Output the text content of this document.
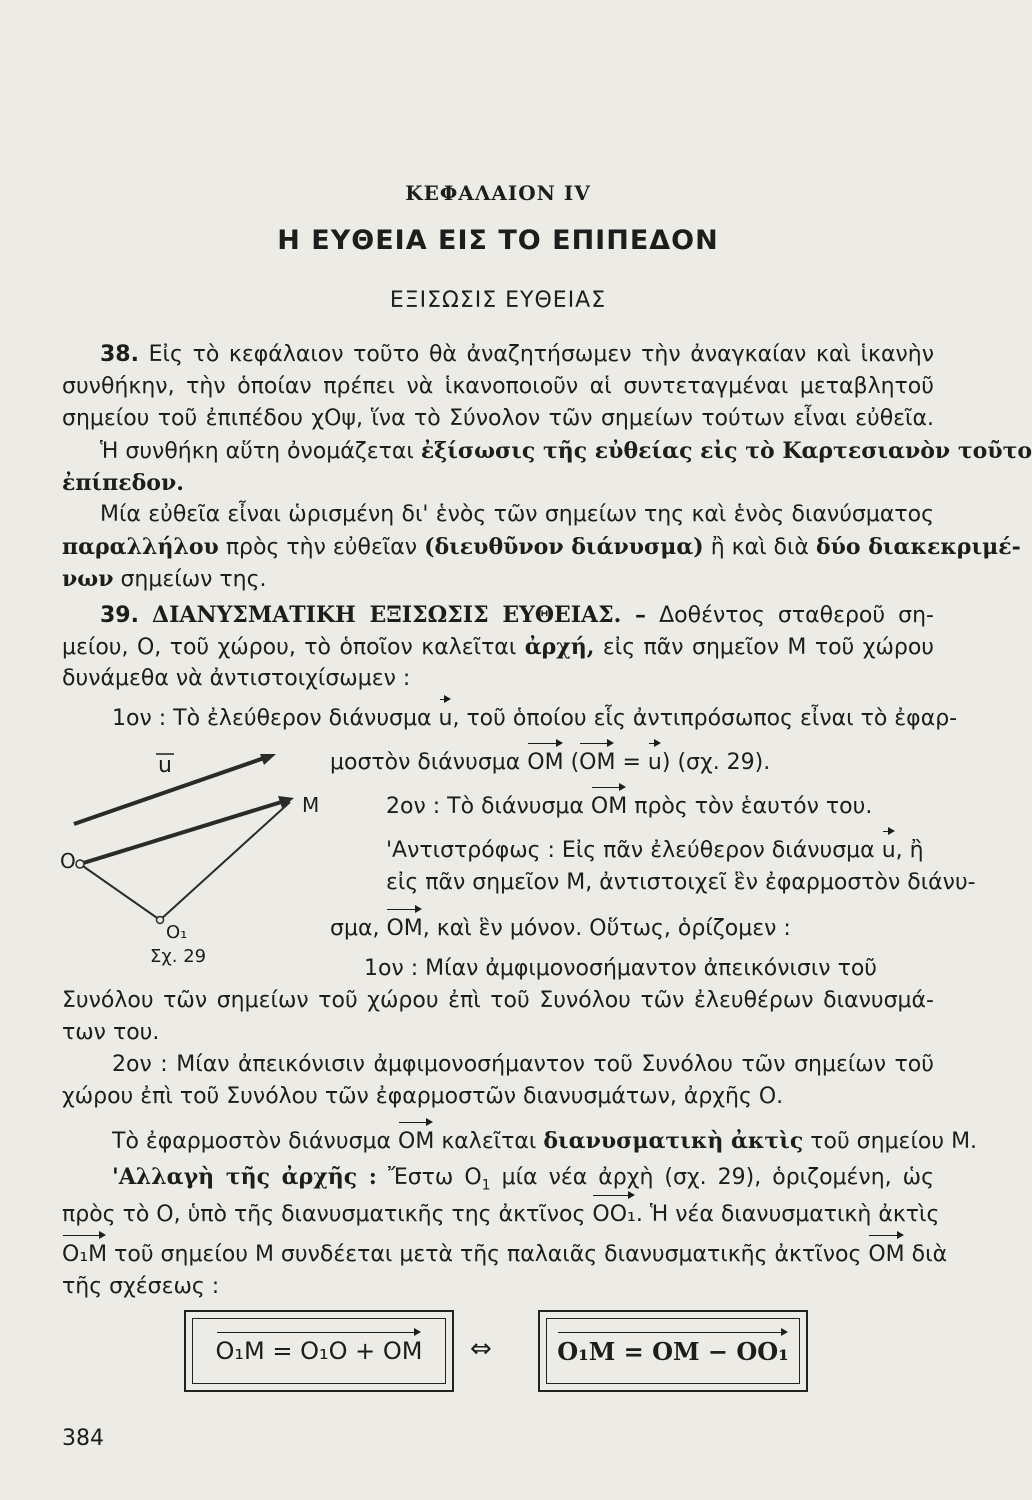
ΚΕΦΑΛΑΙΟΝ ΙV
Η ΕΥΘΕΙΑ ΕΙΣ ΤΟ ΕΠΙΠΕΔΟΝ
ΕΞΙΣΩΣΙΣ ΕΥΘΕΙΑΣ
38. Εἰς τὸ κεφάλαιον τοῦτο θὰ ἀναζητήσωμεν τὴν ἀναγκαίαν καὶ ἱκανὴν
συνθήκην, τὴν ὁποίαν πρέπει νὰ ἱκανοποιοῦν αἱ συντεταγμέναι μεταβλητοῦ
σημείου τοῦ ἐπιπέδου χΟψ, ἵνα τὸ Σύνολον τῶν σημείων τούτων εἶναι εὐθεῖα.
Ἡ συνθήκη αὕτη ὀνομάζεται ἐξίσωσις τῆς εὐθείας εἰς τὸ Καρτεσιανὸν τοῦτο
ἐπίπεδον.
Μία εὐθεῖα εἶναι ὡρισμένη δι' ἑνὸς τῶν σημείων της καὶ ἑνὸς διανύσματος
παραλλήλου πρὸς τὴν εὐθεῖαν (διευθῦνον διάνυσμα) ἢ καὶ διὰ δύο διακεκριμέ-
νων σημείων της.
39. ΔΙΑΝΥΣΜΑΤΙΚΗ ΕΞΙΣΩΣΙΣ ΕΥΘΕΙΑΣ. – Δοθέντος σταθεροῦ ση-
μείου, Ο, τοῦ χώρου, τὸ ὁποῖον καλεῖται ἀρχή, εἰς πᾶν σημεῖον Μ τοῦ χώρου
δυνάμεθα νὰ ἀντιστοιχίσωμεν :
1ον : Τὸ ἐλεύθερον διάνυσμα u, τοῦ ὁποίου εἷς ἀντιπρόσωπος εἶναι τὸ ἐφαρ-
μοστὸν διάνυσμα OM (OM = u) (σχ. 29).
2ον : Τὸ διάνυσμα OM πρὸς τὸν ἑαυτόν του.
'Αντιστρόφως : Εἰς πᾶν ἐλεύθερον διάνυσμα u, ἢ
εἰς πᾶν σημεῖον Μ, ἀντιστοιχεῖ ἓν ἐφαρμοστὸν διάνυ-
σμα, OM, καὶ ἓν μόνον. Οὕτως, ὁρίζομεν :
1ον : Μίαν ἀμφιμονοσήμαντον ἀπεικόνισιν τοῦ
u
M
O
O₁
Σχ. 29
Συνόλου τῶν σημείων τοῦ χώρου ἐπὶ τοῦ Συνόλου τῶν ἐλευθέρων διανυσμά-
των του.
2ον : Μίαν ἀπεικόνισιν ἀμφιμονοσήμαντον τοῦ Συνόλου τῶν σημείων τοῦ
χώρου ἐπὶ τοῦ Συνόλου τῶν ἐφαρμοστῶν διανυσμάτων, ἀρχῆς Ο.
Τὸ ἐφαρμοστὸν διάνυσμα OM καλεῖται διανυσματικὴ ἀκτὶς τοῦ σημείου Μ.
'Αλλαγὴ τῆς ἀρχῆς : Ἔστω $O_1$ μία νέα ἀρχὴ (σχ. 29), ὁριζομένη, ὡς
πρὸς τὸ Ο, ὑπὸ τῆς διανυσματικῆς της ἀκτῖνος OO₁. Ἡ νέα διανυσματικὴ ἀκτὶς
O₁M τοῦ σημείου Μ συνδέεται μετὰ τῆς παλαιᾶς διανυσματικῆς ἀκτῖνος OM διὰ
τῆς σχέσεως :
O₁M = O₁O + OM ⇔	O₁M = OM − OO₁
384
